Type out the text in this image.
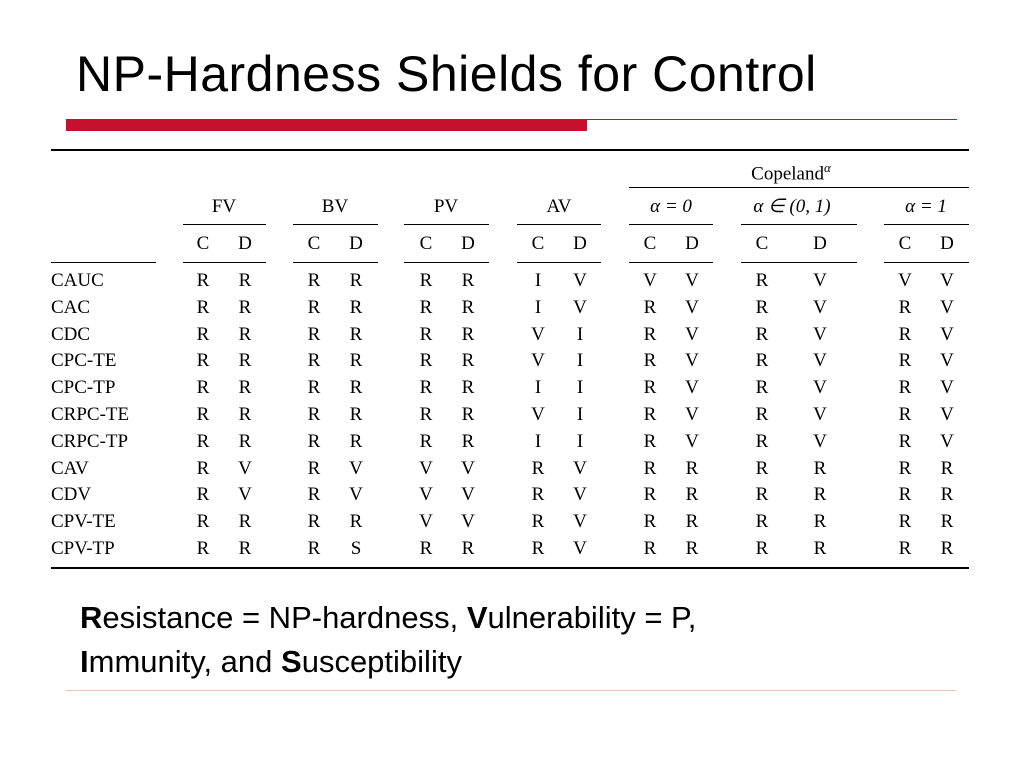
NP-Hardness Shields for Control
Copeland$^\alpha$
FV	BV	PV	AV	α = 0	α ∈ (0, 1)	α = 1
C D	C D	C D	C D	C D	C D	C D
CAUC	R R	R R	R R	I V	V V	R V	V V
CAC	R R	R R	R R	I V	R V	R V	R V
CDC	R R	R R	R R	V I	R V	R V	R V
CPC-TE	R R	R R	R R	V I	R V	R V	R V
CPC-TP	R R	R R	R R	I I	R V	R V	R V
CRPC-TE	R R	R R	R R	V I	R V	R V	R V
CRPC-TP	R R	R R	R R	I I	R V	R V	R V
CAV	R V	R V	V V	R V	R R	R R	R R
CDV	R V	R V	V V	R V	R R	R R	R R
CPV-TE	R R	R R	V V	R V	R R	R R	R R
CPV-TP	R R	R S	R R	R V	R R	R R	R R
Resistance = NP-hardness, Vulnerability = P,
Immunity, and Susceptibility
